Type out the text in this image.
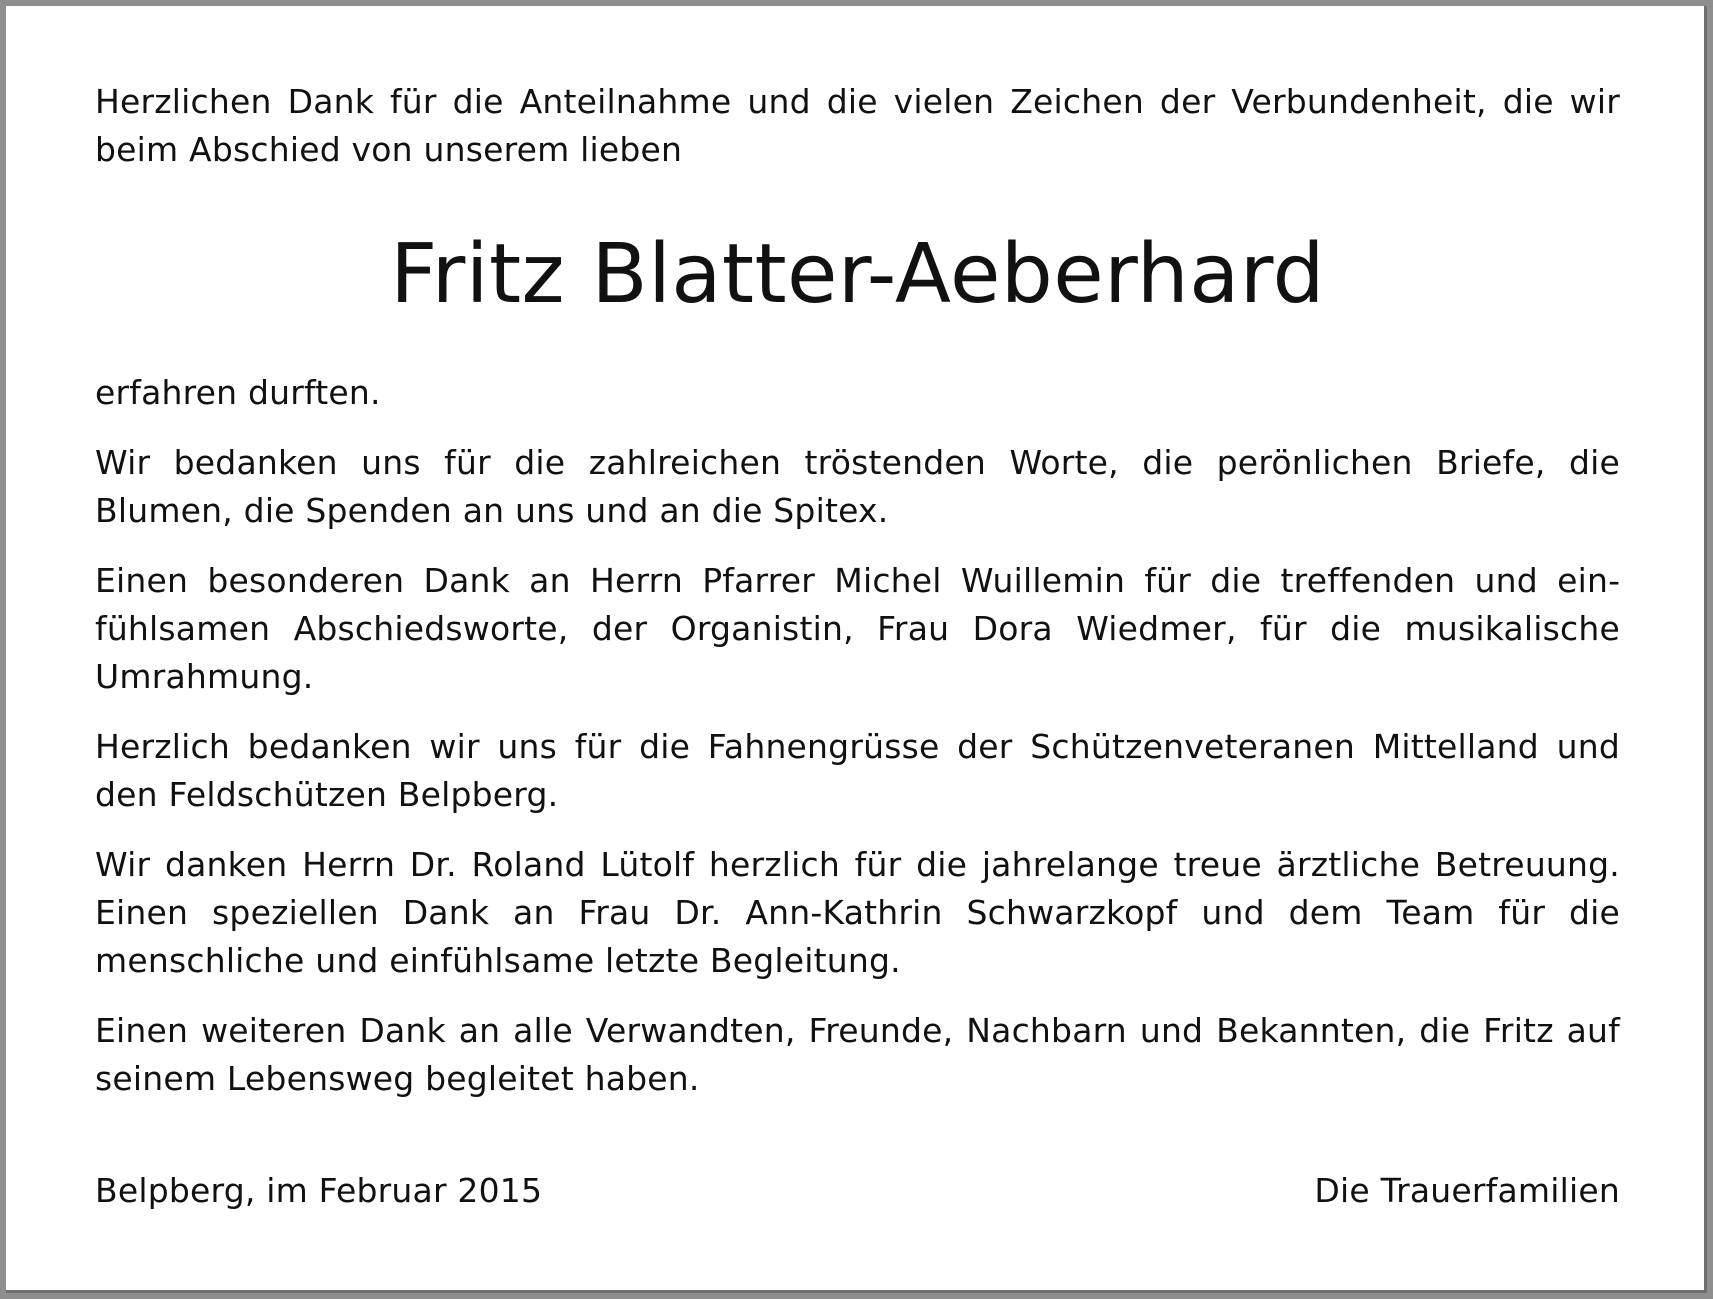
Herzlichen Dank für die Anteilnahme und die vielen Zeichen der Verbundenheit, die wir beim Abschied von unserem lieben

Fritz Blatter-Aeberhard

erfahren durften.

Wir bedanken uns für die zahlreichen tröstenden Worte, die perönlichen Briefe, die Blumen, die Spenden an uns und an die Spitex.

Einen besonderen Dank an Herrn Pfarrer Michel Wuillemin für die treffenden und einfühlsamen Abschiedsworte, der Organistin, Frau Dora Wiedmer, für die musikalische Umrahmung.

Herzlich bedanken wir uns für die Fahnengrüsse der Schützenveteranen Mittelland und den Feldschützen Belpberg.

Wir danken Herrn Dr. Roland Lütolf herzlich für die jahrelange treue ärztliche Betreuung. Einen speziellen Dank an Frau Dr. Ann-Kathrin Schwarzkopf und dem Team für die menschliche und einfühlsame letzte Begleitung.

Einen weiteren Dank an alle Verwandten, Freunde, Nachbarn und Bekannten, die Fritz auf seinem Lebensweg begleitet haben.

Belpberg, im Februar 2015	Die Trauerfamilien
